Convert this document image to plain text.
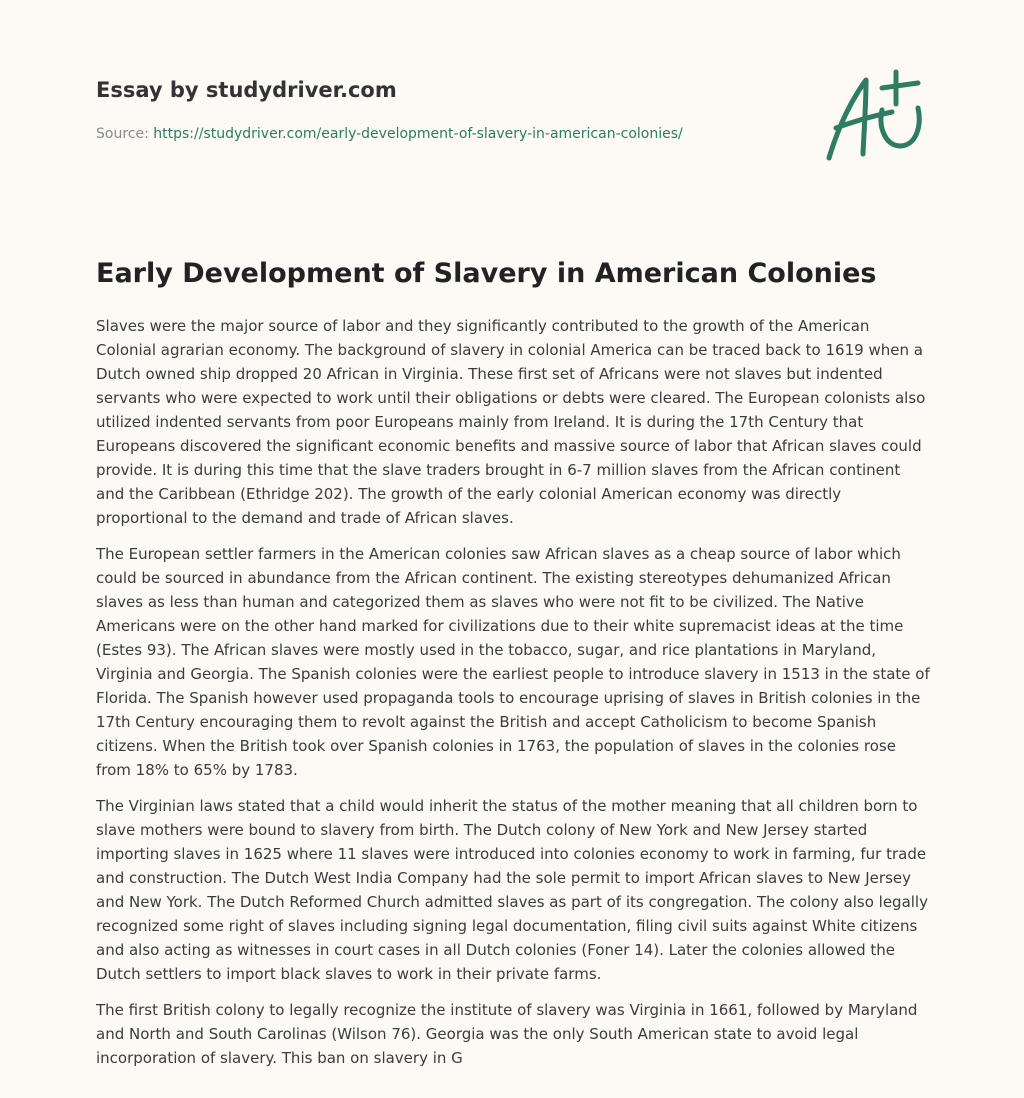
Essay by studydriver.com
Source: https://studydriver.com/early-development-of-slavery-in-american-colonies/
Early Development of Slavery in American Colonies

Slaves were the major source of labor and they significantly contributed to the growth of the American Colonial agrarian economy. The background of slavery in colonial America can be traced back to 1619 when a Dutch owned ship dropped 20 African in Virginia. These first set of Africans were not slaves but indented servants who were expected to work until their obligations or debts were cleared. The European colonists also utilized indented servants from poor Europeans mainly from Ireland. It is during the 17th Century that Europeans discovered the significant economic benefits and massive source of labor that African slaves could provide. It is during this time that the slave traders brought in 6-7 million slaves from the African continent and the Caribbean (Ethridge 202). The growth of the early colonial American economy was directly proportional to the demand and trade of African slaves.

The European settler farmers in the American colonies saw African slaves as a cheap source of labor which could be sourced in abundance from the African continent. The existing stereotypes dehumanized African slaves as less than human and categorized them as slaves who were not fit to be civilized. The Native Americans were on the other hand marked for civilizations due to their white supremacist ideas at the time (Estes 93). The African slaves were mostly used in the tobacco, sugar, and rice plantations in Maryland, Virginia and Georgia. The Spanish colonies were the earliest people to introduce slavery in 1513 in the state of Florida. The Spanish however used propaganda tools to encourage uprising of slaves in British colonies in the 17th Century encouraging them to revolt against the British and accept Catholicism to become Spanish citizens. When the British took over Spanish colonies in 1763, the population of slaves in the colonies rose from 18% to 65% by 1783.

The Virginian laws stated that a child would inherit the status of the mother meaning that all children born to slave mothers were bound to slavery from birth. The Dutch colony of New York and New Jersey started importing slaves in 1625 where 11 slaves were introduced into colonies economy to work in farming, fur trade and construction. The Dutch West India Company had the sole permit to import African slaves to New Jersey and New York. The Dutch Reformed Church admitted slaves as part of its congregation. The colony also legally recognized some right of slaves including signing legal documentation, filing civil suits against White citizens and also acting as witnesses in court cases in all Dutch colonies (Foner 14). Later the colonies allowed the Dutch settlers to import black slaves to work in their private farms.

The first British colony to legally recognize the institute of slavery was Virginia in 1661, followed by Maryland and North and South Carolinas (Wilson 76). Georgia was the only South American state to avoid legal incorporation of slavery. This ban on slavery in G
